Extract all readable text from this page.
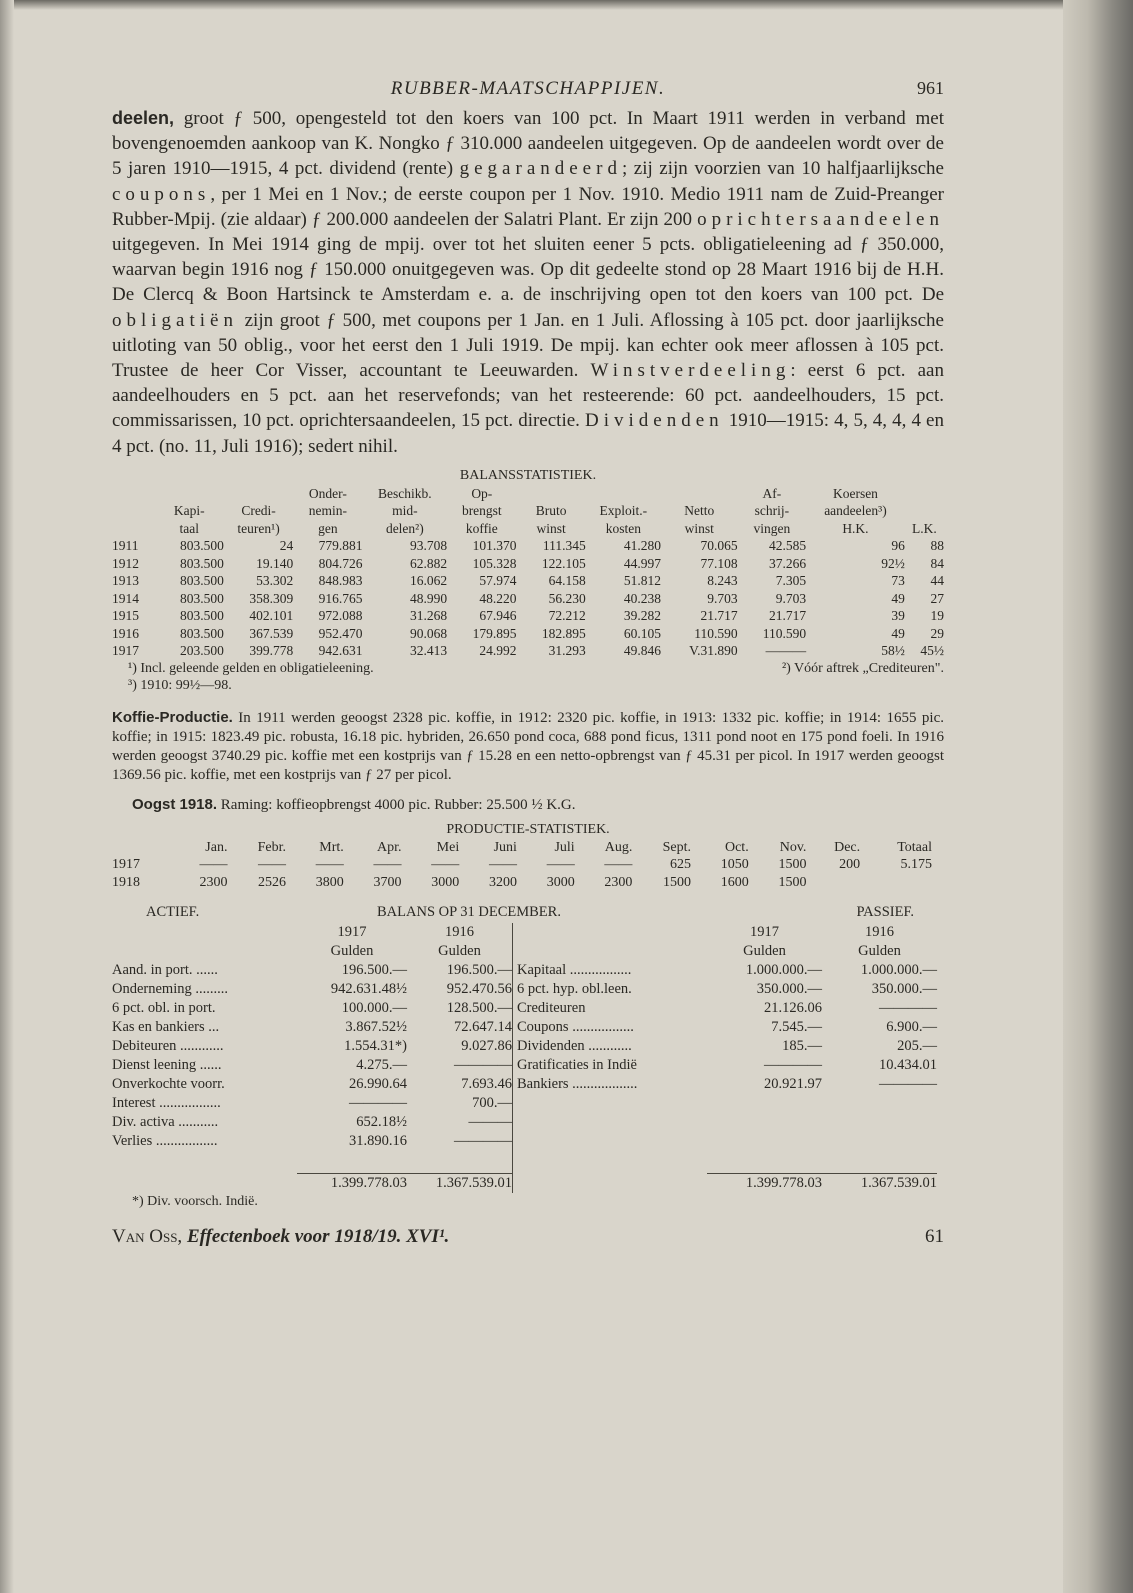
RUBBER-MAATSCHAPPIJEN.	961

deelen, groot ƒ 500, opengesteld tot den koers van 100 pct. In Maart 1911 werden in verband met bovengenoemden aankoop van K. Nongko ƒ 310.000 aandeelen uitgegeven. Op de aandeelen wordt over de 5 jaren 1910—1915, 4 pct. dividend (rente) gegarandeerd; zij zijn voorzien van 10 halfjaarlijksche coupons, per 1 Mei en 1 Nov.; de eerste coupon per 1 Nov. 1910. Medio 1911 nam de Zuid-Preanger Rubber-Mpij. (zie aldaar) ƒ 200.000 aandeelen der Salatri Plant. Er zijn 200 oprichtersaandeelen uitgegeven. In Mei 1914 ging de mpij. over tot het sluiten eener 5 pcts. obligatieleening ad ƒ 350.000, waarvan begin 1916 nog ƒ 150.000 onuitgegeven was. Op dit gedeelte stond op 28 Maart 1916 bij de H.H. De Clercq & Boon Hartsinck te Amsterdam e. a. de inschrijving open tot den koers van 100 pct. De obligatiën zijn groot ƒ 500, met coupons per 1 Jan. en 1 Juli. Aflossing à 105 pct. door jaarlijksche uitloting van 50 oblig., voor het eerst den 1 Juli 1919. De mpij. kan echter ook meer aflossen à 105 pct. Trustee de heer Cor Visser, accountant te Leeuwarden. Winstverdeeling: eerst 6 pct. aan aandeelhouders en 5 pct. aan het reservefonds; van het resteerende: 60 pct. aandeelhouders, 15 pct. commissarissen, 10 pct. oprichtersaandeelen, 15 pct. directie. Dividenden 1910—1915: 4, 5, 4, 4, 4 en 4 pct. (no. 11, Juli 1916); sedert nihil.

BALANSSTATISTIEK.
			Onder-	Beschikb.	Op-				Af-	Koersen	
	Kapi-	Credi-	nemin-	mid-	brengst	Bruto	Exploit.-	Netto	schrij-	aandeelen³)	
	taal	teuren¹)	gen	delen²)	koffie	winst	kosten	winst	vingen	H.K.	L.K.
1911	803.500	24	779.881	93.708	101.370	111.345	41.280	70.065	42.585	96	88
1912	803.500	19.140	804.726	62.882	105.328	122.105	44.997	77.108	37.266	92½	84
1913	803.500	53.302	848.983	16.062	57.974	64.158	51.812	8.243	7.305	73	44
1914	803.500	358.309	916.765	48.990	48.220	56.230	40.238	9.703	9.703	49	27
1915	803.500	402.101	972.088	31.268	67.946	72.212	39.282	21.717	21.717	39	19
1916	803.500	367.539	952.470	90.068	179.895	182.895	60.105	110.590	110.590	49	29
1917	203.500	399.778	942.631	32.413	24.992	31.293	49.846	V.31.890	———	58½	45½
¹) Incl. geleende gelden en obligatieleening.	²) Vóór aftrek „Crediteuren".
³) 1910: 99½—98.

Koffie-Productie. In 1911 werden geoogst 2328 pic. koffie, in 1912: 2320 pic. koffie, in 1913: 1332 pic. koffie; in 1914: 1655 pic. koffie; in 1915: 1823.49 pic. robusta, 16.18 pic. hybriden, 26.650 pond coca, 688 pond ficus, 1311 pond noot en 175 pond foeli. In 1916 werden geoogst 3740.29 pic. koffie met een kostprijs van ƒ 15.28 en een netto-opbrengst van ƒ 45.31 per picol. In 1917 werden geoogst 1369.56 pic. koffie, met een kostprijs van ƒ 27 per picol.

Oogst 1918. Raming: koffieopbrengst 4000 pic. Rubber: 25.500 ½ K.G.

PRODUCTIE-STATISTIEK.
	Jan.	Febr.	Mrt.	Apr.	Mei	Juni	Juli	Aug.	Sept.	Oct.	Nov.	Dec.	Totaal
1917	——	——	——	——	——	——	——	——	625	1050	1500	200	5.175
1918	2300	2526	3800	3700	3000	3200	3000	2300	1500	1600	1500		
ACTIEF.	BALANS OP 31 DECEMBER.	PASSIEF.
	1917	1916
	Gulden	Gulden
Aand. in port. ......	196.500.—	196.500.—
Onderneming .........	942.631.48½	952.470.56
6 pct. obl. in port.	100.000.—	128.500.—
Kas en bankiers ...	3.867.52½	72.647.14
Debiteuren ............	1.554.31*)	9.027.86
Dienst leening ......	4.275.—	————
Onverkochte voorr.	26.990.64	7.693.46
Interest .................	————	700.—
Div. activa ...........	652.18½	———
Verlies .................	31.890.16	————

	1.399.778.03	1.367.539.01

	1917	1916
	Gulden	Gulden
Kapitaal .................	1.000.000.—	1.000.000.—
6 pct. hyp. obl.leen.	350.000.—	350.000.—
Crediteuren	21.126.06	————
Coupons .................	7.545.—	6.900.—
Dividenden ............	185.—	205.—
Gratificaties in Indië	————	10.434.01
Bankiers ..................	20.921.97	————

	1.399.778.03	1.367.539.01
*) Div. voorsch. Indië.
Van Oss, Effectenboek voor 1918/19. XVI¹.	61
